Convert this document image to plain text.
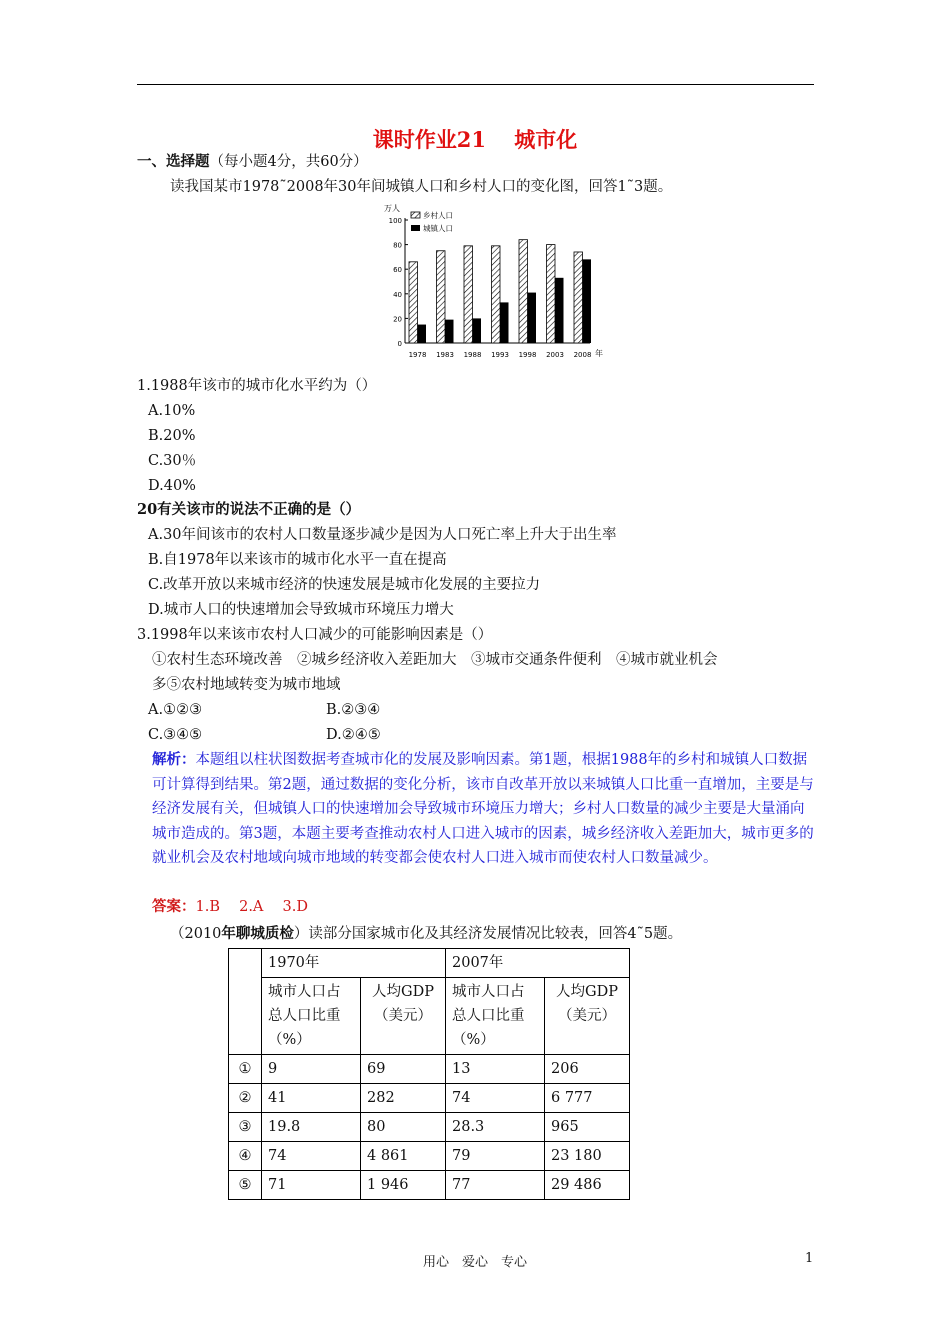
课时作业21　 城市化
一、选择题（每小题4分，共60分）
读我国某市1978˜2008年30年间城镇人口和乡村人口的变化图，回答1˜3题。
0
20
40
60
80
100
万人
1978 1983 1988 1993 1998 2003 2008 年
乡村人口
城镇人口
1.1988年该市的城市化水平约为（）
A.10%
B.20%
C.30％
D.40%
20有关该市的说法不正确的是（）
A.30年间该市的农村人口数量逐步减少是因为人口死亡率上升大于出生率
B.自1978年以来该市的城市化水平一直在提高
C.改革开放以来城市经济的快速发展是城市化发展的主要拉力
D.城市人口的快速增加会导致城市环境压力增大
3.1998年以来该市农村人口减少的可能影响因素是（）
①农村生态环境改善　②城乡经济收入差距加大　③城市交通条件便利　④城市就业机会
多⑤农村地域转变为城市地域
A.①②③	B.②③④
C.③④⑤	D.②④⑤
解析：本题组以柱状图数据考查城市化的发展及影响因素。第1题，根据1988年的乡村和城镇人口数据可计算得到结果。第2题，通过数据的变化分析，该市自改革开放以来城镇人口比重一直增加，主要是与经济发展有关，但城镇人口的快速增加会导致城市环境压力增大；乡村人口数量的减少主要是大量涌向城市造成的。第3题，本题主要考查推动农村人口进入城市的因素，城乡经济收入差距加大，城市更多的就业机会及农村地域向城市地域的转变都会使农村人口进入城市而使农村人口数量减少。
答案：1.B　 2.A　 3.D
（2010年聊城质检）读部分国家城市化及其经济发展情况比较表，回答4˜5题。
	1970年		2007年	
	城市人口占总人口比重（%）	人均GDP（美元）	城市人口占总人口比重（%）	人均GDP（美元）
①	9	69	13	206
②	41	282	74	6 777
③	19.8	80	28.3	965
④	74	4 861	79	23 180
⑤	71	1 946	77	29 486
用心　爱心　专心	1
